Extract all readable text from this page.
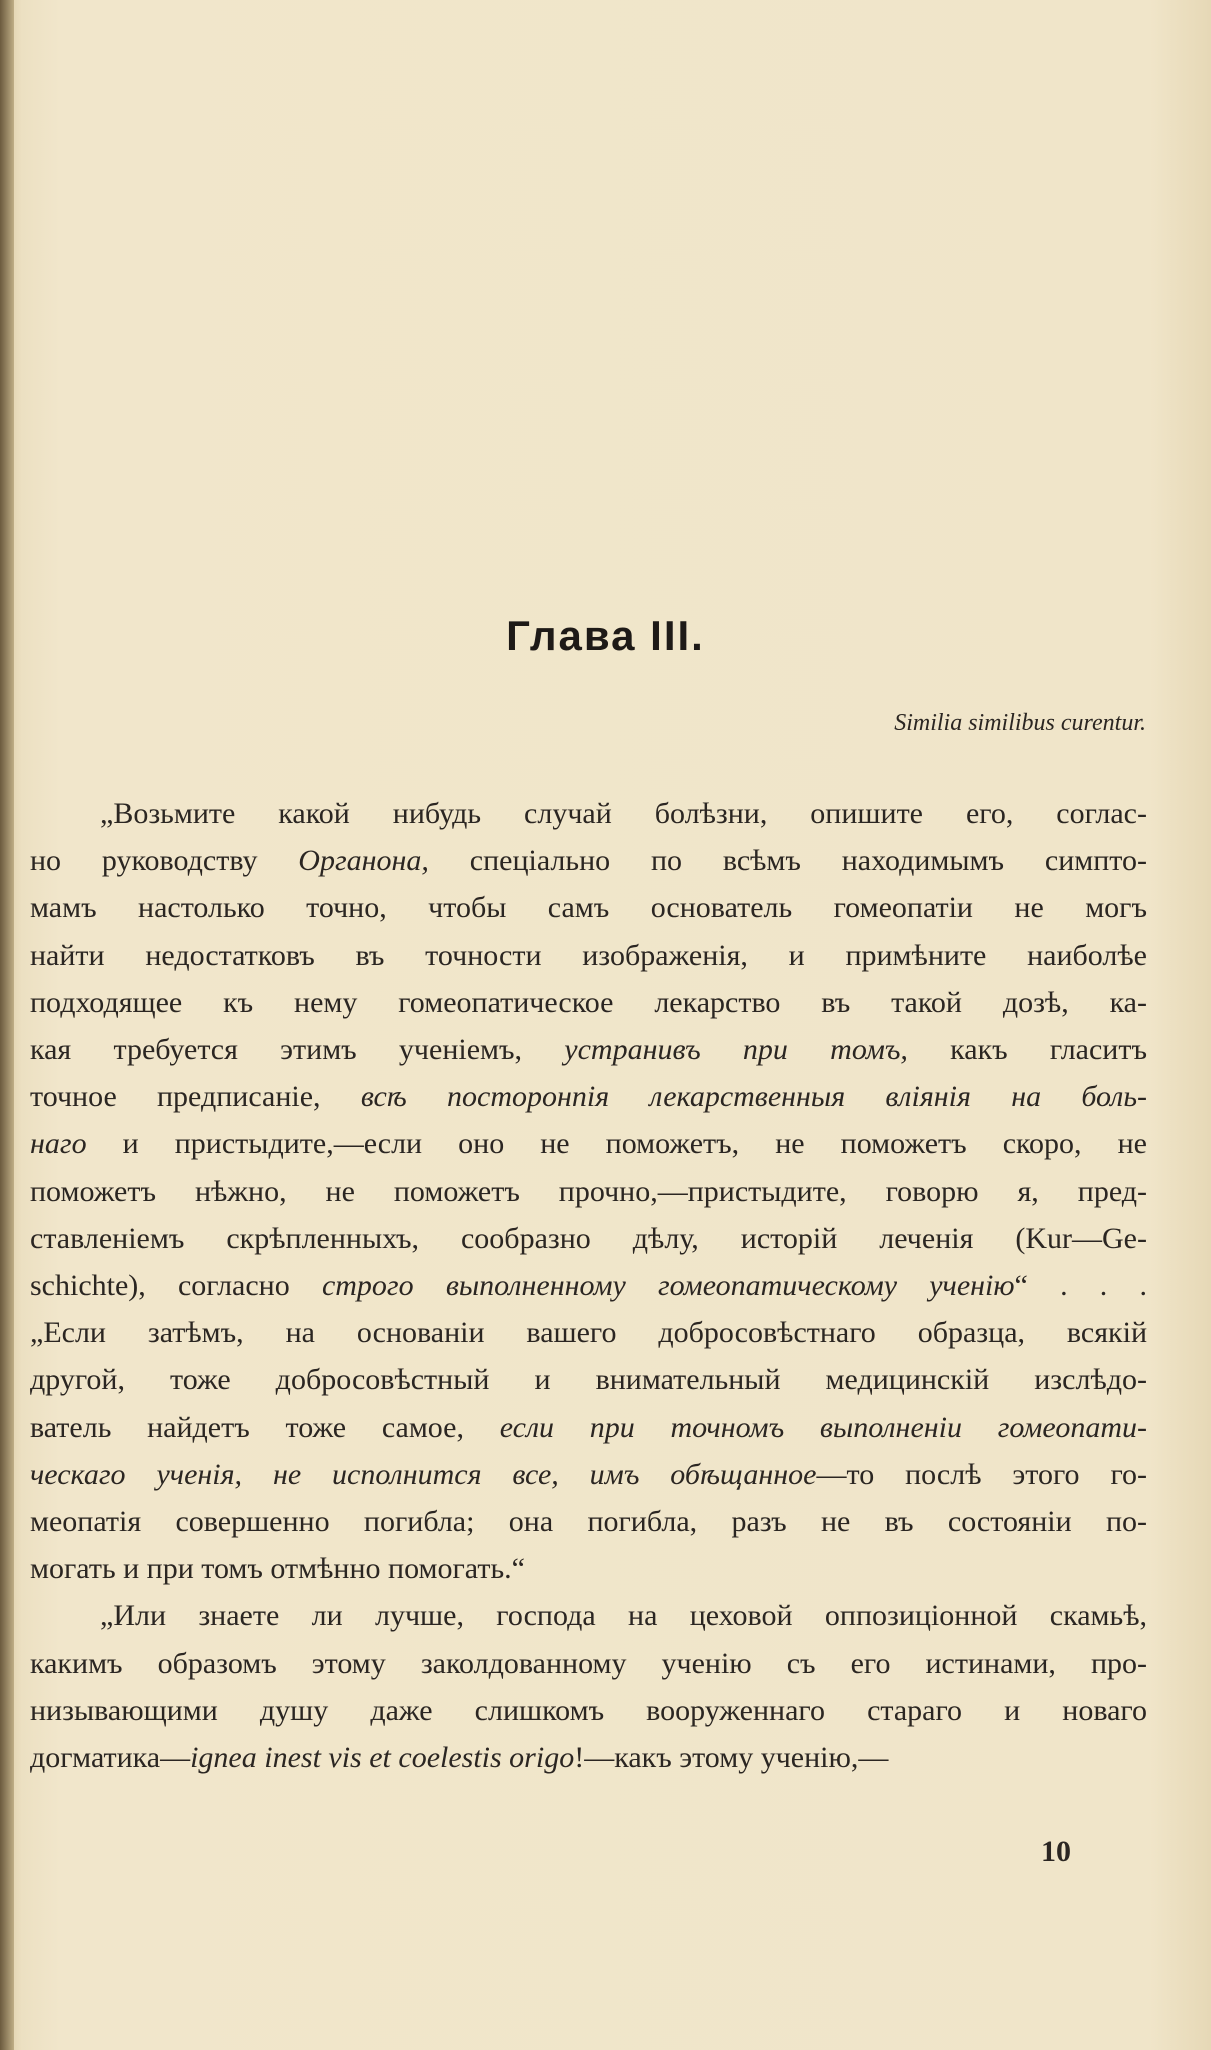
Глава III.
Similia similibus curentur.
„Возьмите какой нибудь случай болѣзни, опишите его, соглас-
но руководству Органона, спеціально по всѣмъ находимымъ симпто-
мамъ настолько точно, чтобы самъ основатель гомеопатіи не могъ
найти недостатковъ въ точности изображенія, и примѣните наиболѣе
подходящее къ нему гомеопатическое лекарство въ такой дозѣ, ка-
кая требуется этимъ ученіемъ, устранивъ при томъ, какъ гласитъ
точное предписаніе, всѣ посторонniя лекарственныя вліянія на боль-
наго и пристыдите,—если оно не поможетъ, не поможетъ скоро, не
поможетъ нѣжно, не поможетъ прочно,—пристыдите, говорю я, пред-
ставленіемъ скрѣпленныхъ, сообразно дѣлу, исторій леченія (Kur—Ge-
schichte), согласно строго выполненному гомеопатическому ученію“ . . .
„Если затѣмъ, на основаніи вашего добросовѣстнаго образца, всякій
другой, тоже добросовѣстный и внимательный медицинскій изслѣдо-
ватель найдетъ тоже самое, если при точномъ выполненіи гомеопати-
ческаго ученія, не исполнится все, имъ обѣщанное—то послѣ этого го-
меопатія совершенно погибла; она погибла, разъ не въ состояніи по-
могать и при томъ отмѣнно помогать.“
„Или знаете ли лучше, господа на цеховой оппозиціонной скамьѣ,
какимъ образомъ этому заколдованному ученію съ его истинами, про-
низывающими душу даже слишкомъ вооруженнаго стараго и новаго
догматика—ignea inest vis et coelestis origo!—какъ этому ученію,—
10
